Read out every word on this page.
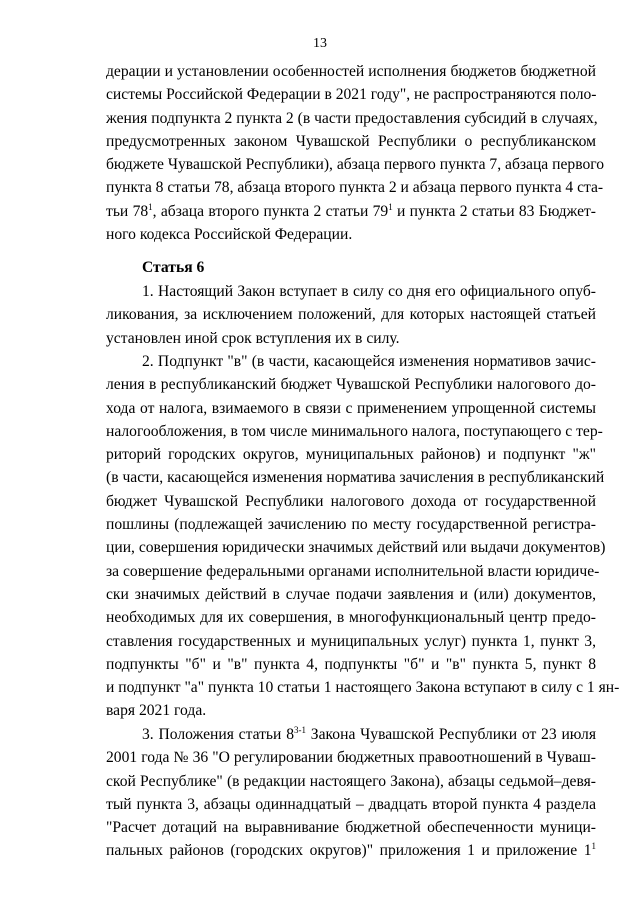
13
дерации и установлении особенностей исполнения бюджетов бюджетной
системы Российской Федерации в 2021 году", не распространяются поло-
жения подпункта 2 пункта 2 (в части предоставления субсидий в случаях,
предусмотренных законом Чувашской Республики о республиканском
бюджете Чувашской Республики), абзаца первого пункта 7, абзаца первого
пункта 8 статьи 78, абзаца второго пункта 2 и абзаца первого пункта 4 ста-
тьи $78^1$, абзаца второго пункта 2 статьи $79^1$ и пункта 2 статьи 83 Бюджет-
ного кодекса Российской Федерации.
Статья 6
1. Настоящий Закон вступает в силу со дня его официального опуб-
ликования, за исключением положений, для которых настоящей статьей
установлен иной срок вступления их в силу.
2. Подпункт "в" (в части, касающейся изменения нормативов зачис-
ления в республиканский бюджет Чувашской Республики налогового до-
хода от налога, взимаемого в связи с применением упрощенной системы
налогообложения, в том числе минимального налога, поступающего с тер-
риторий городских округов, муниципальных районов) и подпункт "ж"
(в части, касающейся изменения норматива зачисления в республиканский
бюджет Чувашской Республики налогового дохода от государственной
пошлины (подлежащей зачислению по месту государственной регистра-
ции, совершения юридически значимых действий или выдачи документов)
за совершение федеральными органами исполнительной власти юридиче-
ски значимых действий в случае подачи заявления и (или) документов,
необходимых для их совершения, в многофункциональный центр предо-
ставления государственных и муниципальных услуг) пункта 1, пункт 3,
подпункты "б" и "в" пункта 4, подпункты "б" и "в" пункта 5, пункт 8
и подпункт "а" пункта 10 статьи 1 настоящего Закона вступают в силу с 1 ян-
варя 2021 года.
3. Положения статьи 8$^{3-1}$ Закона Чувашской Республики от 23 июля
2001 года № 36 "О регулировании бюджетных правоотношений в Чуваш-
ской Республике" (в редакции настоящего Закона), абзацы седьмой–девя-
тый пункта 3, абзацы одиннадцатый – двадцать второй пункта 4 раздела
"Расчет дотаций на выравнивание бюджетной обеспеченности муници-
пальных районов (городских округов)" приложения 1 и приложение $1^1$
